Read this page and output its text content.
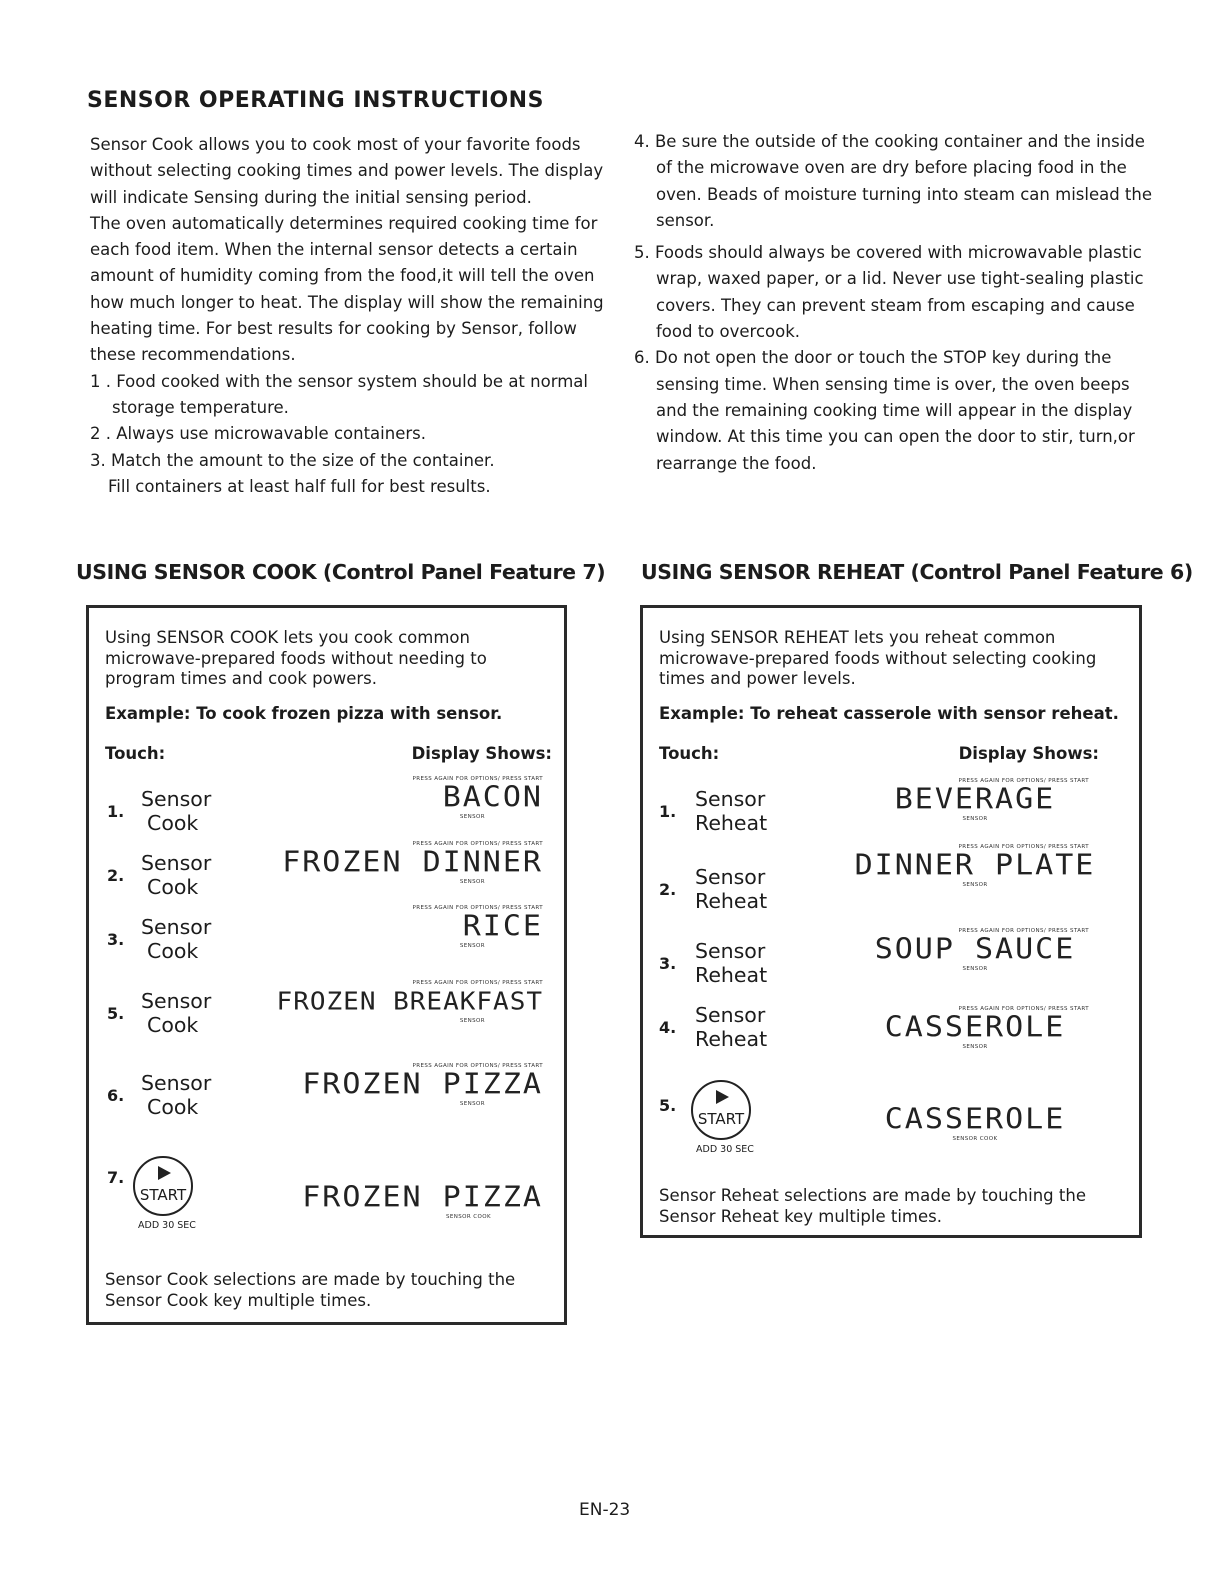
SENSOR OPERATING INSTRUCTIONS

Sensor Cook allows you to cook most of your favorite foods without selecting cooking times and power levels. The display will indicate Sensing during the initial sensing period.

The oven automatically determines required cooking time for each food item. When the internal sensor detects a certain amount of humidity coming from the food,it will tell the oven how much longer to heat. The display will show the remaining heating time. For best results for cooking by Sensor, follow these recommendations.

1 . Food cooked with the sensor system should be at normal storage temperature.

2 . Always use microwavable containers.

3. Match the amount to the size of the container.

Fill containers at least half full for best results.

4. Be sure the outside of the cooking container and the inside of the microwave oven are dry before placing food in the oven. Beads of moisture turning into steam can mislead the sensor.

5. Foods should always be covered with microwavable plastic wrap, waxed paper, or a lid. Never use tight-sealing plastic covers. They can prevent steam from escaping and cause food to overcook.

6. Do not open the door or touch the STOP key during the sensing time. When sensing time is over, the oven beeps and the remaining cooking time will appear in the display window. At this time you can open the door to stir, turn,or rearrange the food.

USING SENSOR COOK (Control Panel Feature 7)
Using SENSOR COOK lets you cook common microwave-prepared foods without needing to program times and cook powers.
Example: To cook frozen pizza with sensor.
Touch:	Display Shows:
1.
Sensor
Cook
PRESS AGAIN FOR OPTIONS/ PRESS START
BACON
SENSOR
2.
Sensor
Cook
PRESS AGAIN FOR OPTIONS/ PRESS START
FROZEN DINNER
SENSOR
3.
Sensor
Cook
PRESS AGAIN FOR OPTIONS/ PRESS START
RICE
SENSOR
5.
Sensor
Cook
PRESS AGAIN FOR OPTIONS/ PRESS START
FROZEN BREAKFAST
SENSOR
6.
Sensor
Cook
PRESS AGAIN FOR OPTIONS/ PRESS START
FROZEN PIZZA
SENSOR
7.
START
ADD 30 SEC
FROZEN PIZZA
SENSOR COOK
Sensor Cook selections are made by touching the Sensor Cook key multiple times.
USING SENSOR REHEAT (Control Panel Feature 6)
Using SENSOR REHEAT lets you reheat common microwave-prepared foods without selecting cooking times and power levels.
Example: To reheat casserole with sensor reheat.
Touch:	Display Shows:
1.
Sensor
Reheat
PRESS AGAIN FOR OPTIONS/ PRESS START
BEVERAGE
SENSOR
2.
Sensor
Reheat
PRESS AGAIN FOR OPTIONS/ PRESS START
DINNER PLATE
SENSOR
3.
Sensor
Reheat
PRESS AGAIN FOR OPTIONS/ PRESS START
SOUP SAUCE
SENSOR
4.
Sensor
Reheat
PRESS AGAIN FOR OPTIONS/ PRESS START
CASSEROLE
SENSOR
5.
START
ADD 30 SEC
CASSEROLE
SENSOR COOK
Sensor Reheat selections are made by touching the Sensor Reheat key multiple times.
EN-23
